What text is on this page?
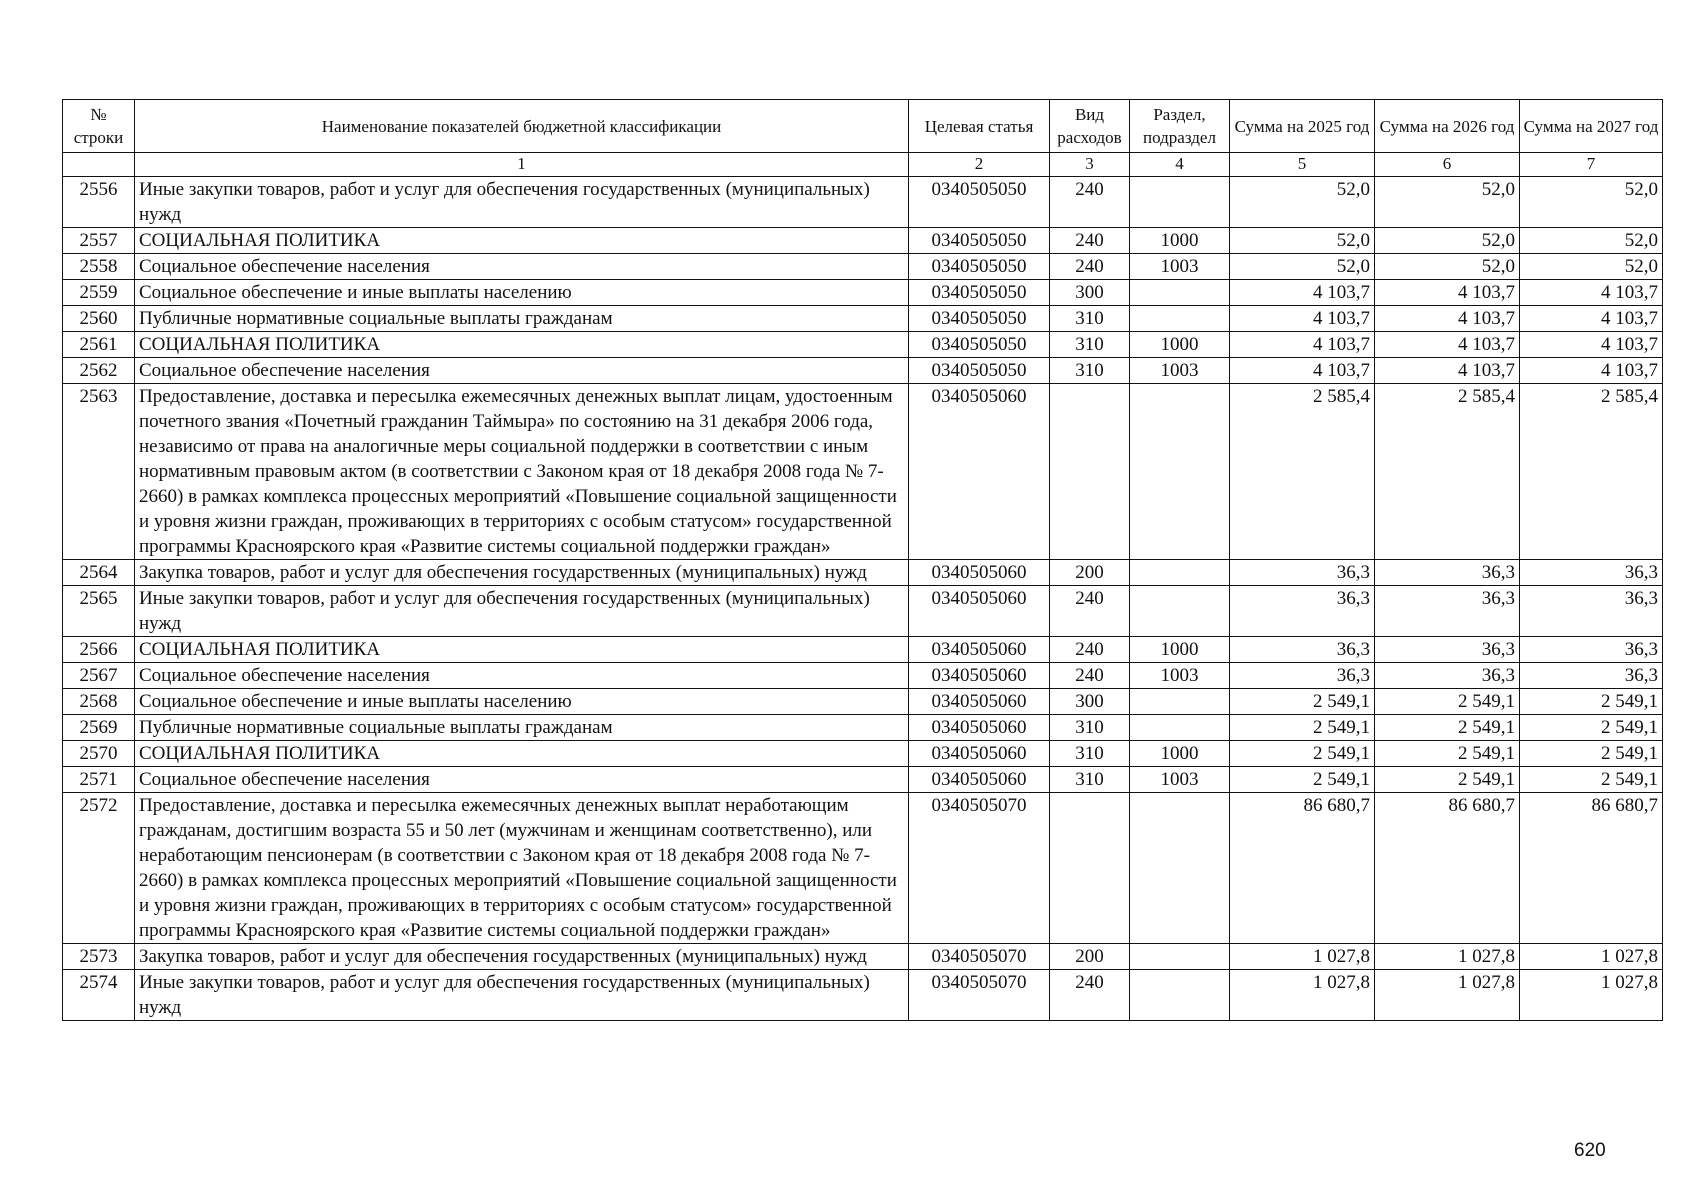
№ строки	Наименование показателей бюджетной классификации	Целевая статья	Вид расходов	Раздел, подраздел	Сумма на 2025 год	Сумма на 2026 год	Сумма на 2027 год
	1	2	3	4	5	6	7
2556	Иные закупки товаров, работ и услуг для обеспечения государственных (муниципальных) нужд	0340505050	240		52,0	52,0	52,0
2557	СОЦИАЛЬНАЯ ПОЛИТИКА	0340505050	240	1000	52,0	52,0	52,0
2558	Социальное обеспечение населения	0340505050	240	1003	52,0	52,0	52,0
2559	Социальное обеспечение и иные выплаты населению	0340505050	300		4 103,7	4 103,7	4 103,7
2560	Публичные нормативные социальные выплаты гражданам	0340505050	310		4 103,7	4 103,7	4 103,7
2561	СОЦИАЛЬНАЯ ПОЛИТИКА	0340505050	310	1000	4 103,7	4 103,7	4 103,7
2562	Социальное обеспечение населения	0340505050	310	1003	4 103,7	4 103,7	4 103,7
2563	Предоставление, доставка и пересылка ежемесячных денежных выплат лицам, удостоенным почетного звания «Почетный гражданин Таймыра» по состоянию на 31 декабря 2006 года, независимо от права на аналогичные меры социальной поддержки в соответствии с иным нормативным правовым актом (в соответствии с Законом края от 18 декабря 2008 года № 7-2660) в рамках комплекса процессных мероприятий «Повышение социальной защищенности и уровня жизни граждан, проживающих в территориях с особым статусом» государственной программы Красноярского края «Развитие системы социальной поддержки граждан»	0340505060			2 585,4	2 585,4	2 585,4
2564	Закупка товаров, работ и услуг для обеспечения государственных (муниципальных) нужд	0340505060	200		36,3	36,3	36,3
2565	Иные закупки товаров, работ и услуг для обеспечения государственных (муниципальных) нужд	0340505060	240		36,3	36,3	36,3
2566	СОЦИАЛЬНАЯ ПОЛИТИКА	0340505060	240	1000	36,3	36,3	36,3
2567	Социальное обеспечение населения	0340505060	240	1003	36,3	36,3	36,3
2568	Социальное обеспечение и иные выплаты населению	0340505060	300		2 549,1	2 549,1	2 549,1
2569	Публичные нормативные социальные выплаты гражданам	0340505060	310		2 549,1	2 549,1	2 549,1
2570	СОЦИАЛЬНАЯ ПОЛИТИКА	0340505060	310	1000	2 549,1	2 549,1	2 549,1
2571	Социальное обеспечение населения	0340505060	310	1003	2 549,1	2 549,1	2 549,1
2572	Предоставление, доставка и пересылка ежемесячных денежных выплат неработающим гражданам, достигшим возраста 55 и 50 лет (мужчинам и женщинам соответственно), или неработающим пенсионерам (в соответствии с Законом края от 18 декабря 2008 года № 7-2660) в рамках комплекса процессных мероприятий «Повышение социальной защищенности и уровня жизни граждан, проживающих в территориях с особым статусом» государственной программы Красноярского края «Развитие системы социальной поддержки граждан»	0340505070			86 680,7	86 680,7	86 680,7
2573	Закупка товаров, работ и услуг для обеспечения государственных (муниципальных) нужд	0340505070	200		1 027,8	1 027,8	1 027,8
2574	Иные закупки товаров, работ и услуг для обеспечения государственных (муниципальных) нужд	0340505070	240		1 027,8	1 027,8	1 027,8
620
